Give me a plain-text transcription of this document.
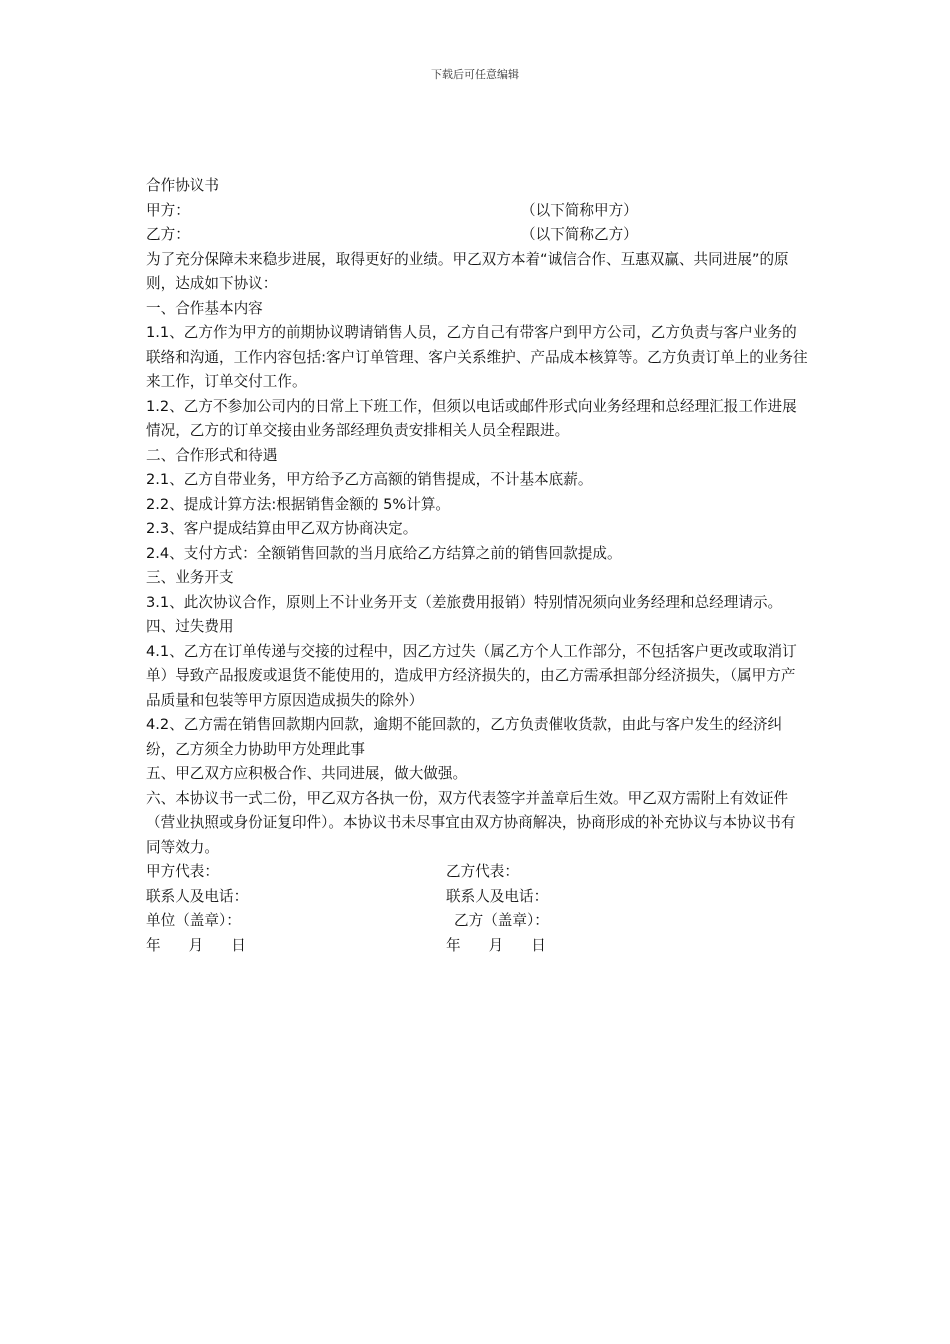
下载后可任意编辑

合作协议书

甲方：	（以下简称甲方）
乙方：	（以下简称乙方）

为了充分保障未来稳步进展，取得更好的业绩。甲乙双方本着“诚信合作、互惠双赢、共同进展”的原则，达成如下协议：

一、合作基本内容

1.1、乙方作为甲方的前期协议聘请销售人员，乙方自己有带客户到甲方公司，乙方负责与客户业务的联络和沟通，工作内容包括:客户订单管理、客户关系维护、产品成本核算等。乙方负责订单上的业务往来工作，订单交付工作。

1.2、乙方不参加公司内的日常上下班工作，但须以电话或邮件形式向业务经理和总经理汇报工作进展情况，乙方的订单交接由业务部经理负责安排相关人员全程跟进。

二、合作形式和待遇

2.1、乙方自带业务，甲方给予乙方高额的销售提成，不计基本底薪。

2.2、提成计算方法:根据销售金额的 5%计算。

2.3、客户提成结算由甲乙双方协商决定。

2.4、支付方式：全额销售回款的当月底给乙方结算之前的销售回款提成。

三、业务开支

3.1、此次协议合作，原则上不计业务开支（差旅费用报销）特别情况须向业务经理和总经理请示。

四、过失费用

4.1、乙方在订单传递与交接的过程中，因乙方过失（属乙方个人工作部分，不包括客户更改或取消订单）导致产品报废或退货不能使用的，造成甲方经济损失的，由乙方需承担部分经济损失，（属甲方产品质量和包装等甲方原因造成损失的除外）

4.2、乙方需在销售回款期内回款，逾期不能回款的，乙方负责催收货款，由此与客户发生的经济纠纷，乙方须全力协助甲方处理此事

五、甲乙双方应积极合作、共同进展，做大做强。

六、本协议书一式二份，甲乙双方各执一份，双方代表签字并盖章后生效。甲乙双方需附上有效证件（营业执照或身份证复印件）。本协议书未尽事宜由双方协商解决，协商形成的补充协议与本协议书有同等效力。

甲方代表：	乙方代表：
联系人及电话：	联系人及电话：
单位（盖章）：	乙方（盖章）：
年 月 日	年 月 日
